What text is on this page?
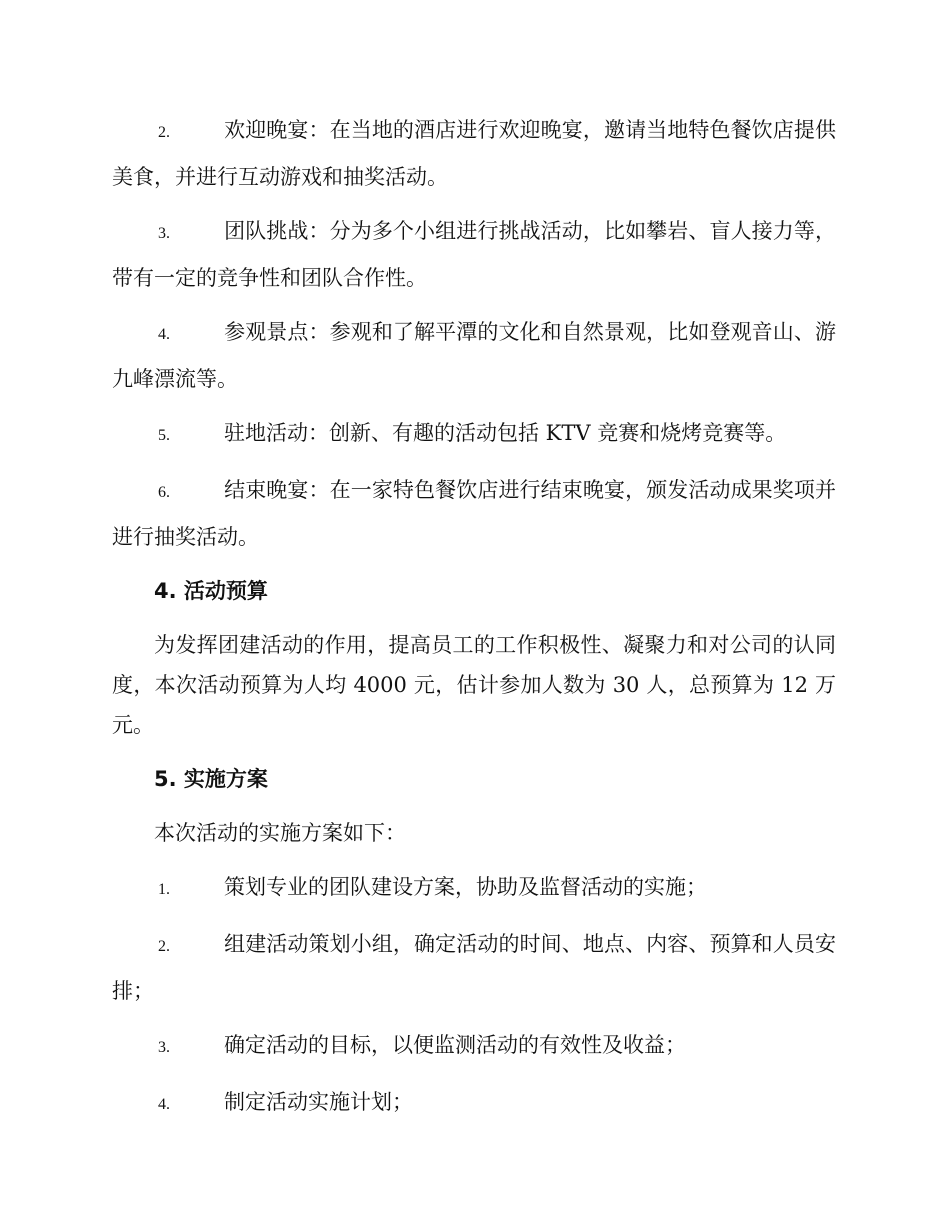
2.	欢迎晚宴：在当地的酒店进行欢迎晚宴，邀请当地特色餐饮店提供美食，并进行互动游戏和抽奖活动。
3.	团队挑战：分为多个小组进行挑战活动，比如攀岩、盲人接力等，带有一定的竞争性和团队合作性。
4.	参观景点：参观和了解平潭的文化和自然景观，比如登观音山、游九峰漂流等。
5.	驻地活动：创新、有趣的活动包括 KTV 竞赛和烧烤竞赛等。
6.	结束晚宴：在一家特色餐饮店进行结束晚宴，颁发活动成果奖项并进行抽奖活动。
4. 活动预算
为发挥团建活动的作用，提高员工的工作积极性、凝聚力和对公司的认同度，本次活动预算为人均 4000 元，估计参加人数为 30 人，总预算为 12 万元。
5. 实施方案
本次活动的实施方案如下：
1.	策划专业的团队建设方案，协助及监督活动的实施；
2.	组建活动策划小组，确定活动的时间、地点、内容、预算和人员安排；
3.	确定活动的目标，以便监测活动的有效性及收益；
4.	制定活动实施计划；
